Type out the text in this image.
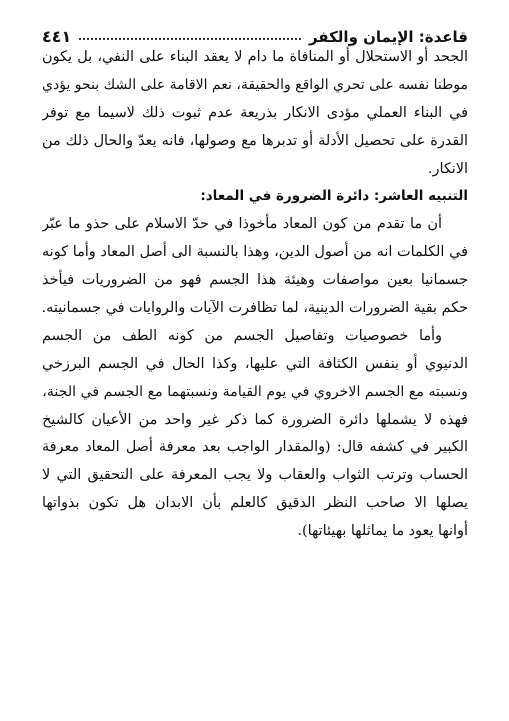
قاعدة: الإيمان والكفر
٤٤١
الجحد أو الاستحلال أو المنافاة ما دام لا يعقد البناء على النفي، بل يكون
موطنا نفسه على تحري الواقع والحقيقة، نعم الاقامة على الشك بنحو يؤدي
في البناء العملي مؤدى الانكار بذريعة عدم ثبوت ذلك لاسيما مع توفر
القدرة على تحصيل الأدلة أو تدبرها مع وصولها، فانه يعدّ والحال ذلك من
الانكار.
التنبيه العاشر: دائرة الضرورة في المعاد:
أن ما تقدم من كون المعاد مأخوذا في حدّ الاسلام على حذو ما عبّر
في الكلمات انه من أصول الدين، وهذا بالنسبة الى أصل المعاد وأما كونه
جسمانيا بعين مواصفات وهيئة هذا الجسم فهو من الضروريات فيأخذ
حكم بقية الضرورات الدينية، لما تظافرت الآيات والروايات في جسمانيته.
وأما خصوصيات وتفاصيل الجسم من كونه الطف من الجسم
الدنيوي أو بنفس الكثافة التي عليها، وكذا الحال في الجسم البرزخي
ونسبته مع الجسم الاخروي في يوم القيامة ونسبتهما مع الجسم في الجنة،
فهذه لا يشملها دائرة الضرورة كما ذكر غير واحد من الأعيان كالشيخ
الكبير في كشفه قال: (والمقدار الواجب بعد معرفة أصل المعاد معرفة
الحساب وترتب الثواب والعقاب ولا يجب المعرفة على التحقيق التي لا
يصلها الا صاحب النظر الدقيق كالعلم بأن الابدان هل تكون بذواتها
أوانها يعود ما يماثلها بهيئاتها).
